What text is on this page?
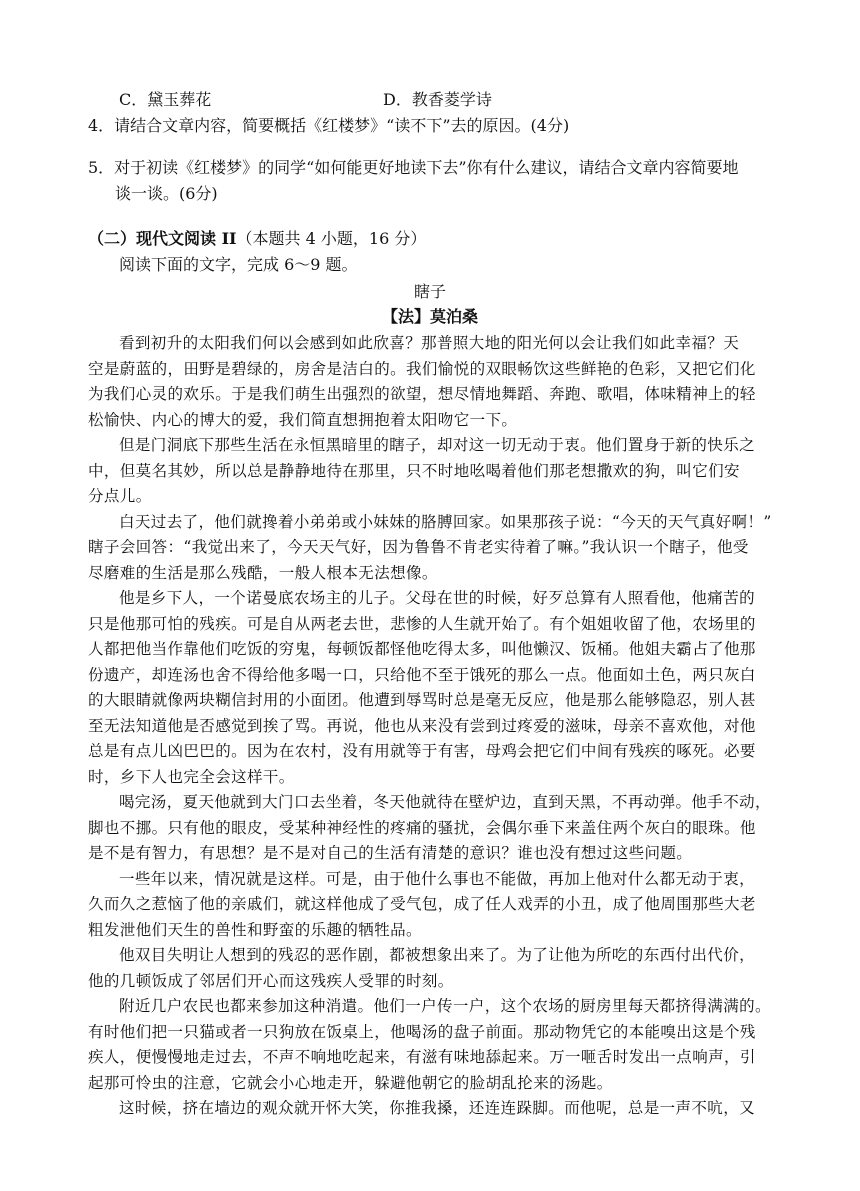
C．黛玉葬花	D．教香菱学诗
4．请结合文章内容，简要概括《红楼梦》“读不下”去的原因。(4分)
5．对于初读《红楼梦》的同学“如何能更好地读下去”你有什么建议，请结合文章内容简要地
谈一谈。(6分)
（二）现代文阅读 II（本题共 4 小题，16 分）
阅读下面的文字，完成 6～9 题。
瞎子
【法】莫泊桑
看到初升的太阳我们何以会感到如此欣喜？那普照大地的阳光何以会让我们如此幸福？天
空是蔚蓝的，田野是碧绿的，房舍是洁白的。我们愉悦的双眼畅饮这些鲜艳的色彩，又把它们化
为我们心灵的欢乐。于是我们萌生出强烈的欲望，想尽情地舞蹈、奔跑、歌唱，体味精神上的轻
松愉快、内心的博大的爱，我们简直想拥抱着太阳吻它一下。
但是门洞底下那些生活在永恒黑暗里的瞎子，却对这一切无动于衷。他们置身于新的快乐之
中，但莫名其妙，所以总是静静地待在那里，只不时地吆喝着他们那老想撒欢的狗，叫它们安
分点儿。
白天过去了，他们就搀着小弟弟或小妹妹的胳膊回家。如果那孩子说：“今天的天气真好啊！”
瞎子会回答：“我觉出来了，今天天气好，因为鲁鲁不肯老实待着了嘛。”我认识一个瞎子，他受
尽磨难的生活是那么残酷，一般人根本无法想像。
他是乡下人，一个诺曼底农场主的儿子。父母在世的时候，好歹总算有人照看他，他痛苦的
只是他那可怕的残疾。可是自从两老去世，悲惨的人生就开始了。有个姐姐收留了他，农场里的
人都把他当作靠他们吃饭的穷鬼，每顿饭都怪他吃得太多，叫他懒汉、饭桶。他姐夫霸占了他那
份遗产，却连汤也舍不得给他多喝一口，只给他不至于饿死的那么一点。他面如土色，两只灰白
的大眼睛就像两块糊信封用的小面团。他遭到辱骂时总是毫无反应，他是那么能够隐忍，别人甚
至无法知道他是否感觉到挨了骂。再说，他也从来没有尝到过疼爱的滋味，母亲不喜欢他，对他
总是有点儿凶巴巴的。因为在农村，没有用就等于有害，母鸡会把它们中间有残疾的啄死。必要
时，乡下人也完全会这样干。
喝完汤，夏天他就到大门口去坐着，冬天他就待在壁炉边，直到天黑，不再动弹。他手不动，
脚也不挪。只有他的眼皮，受某种神经性的疼痛的骚扰，会偶尔垂下来盖住两个灰白的眼珠。他
是不是有智力，有思想？是不是对自己的生活有清楚的意识？谁也没有想过这些问题。
一些年以来，情况就是这样。可是，由于他什么事也不能做，再加上他对什么都无动于衷，
久而久之惹恼了他的亲戚们，就这样他成了受气包，成了任人戏弄的小丑，成了他周围那些大老
粗发泄他们天生的兽性和野蛮的乐趣的牺牲品。
他双目失明让人想到的残忍的恶作剧，都被想象出来了。为了让他为所吃的东西付出代价，
他的几顿饭成了邻居们开心而这残疾人受罪的时刻。
附近几户农民也都来参加这种消遣。他们一户传一户，这个农场的厨房里每天都挤得满满的。
有时他们把一只猫或者一只狗放在饭桌上，他喝汤的盘子前面。那动物凭它的本能嗅出这是个残
疾人，便慢慢地走过去，不声不响地吃起来，有滋有味地舔起来。万一咂舌时发出一点响声，引
起那可怜虫的注意，它就会小心地走开，躲避他朝它的脸胡乱抡来的汤匙。
这时候，挤在墙边的观众就开怀大笑，你推我搡，还连连跺脚。而他呢，总是一声不吭，又
